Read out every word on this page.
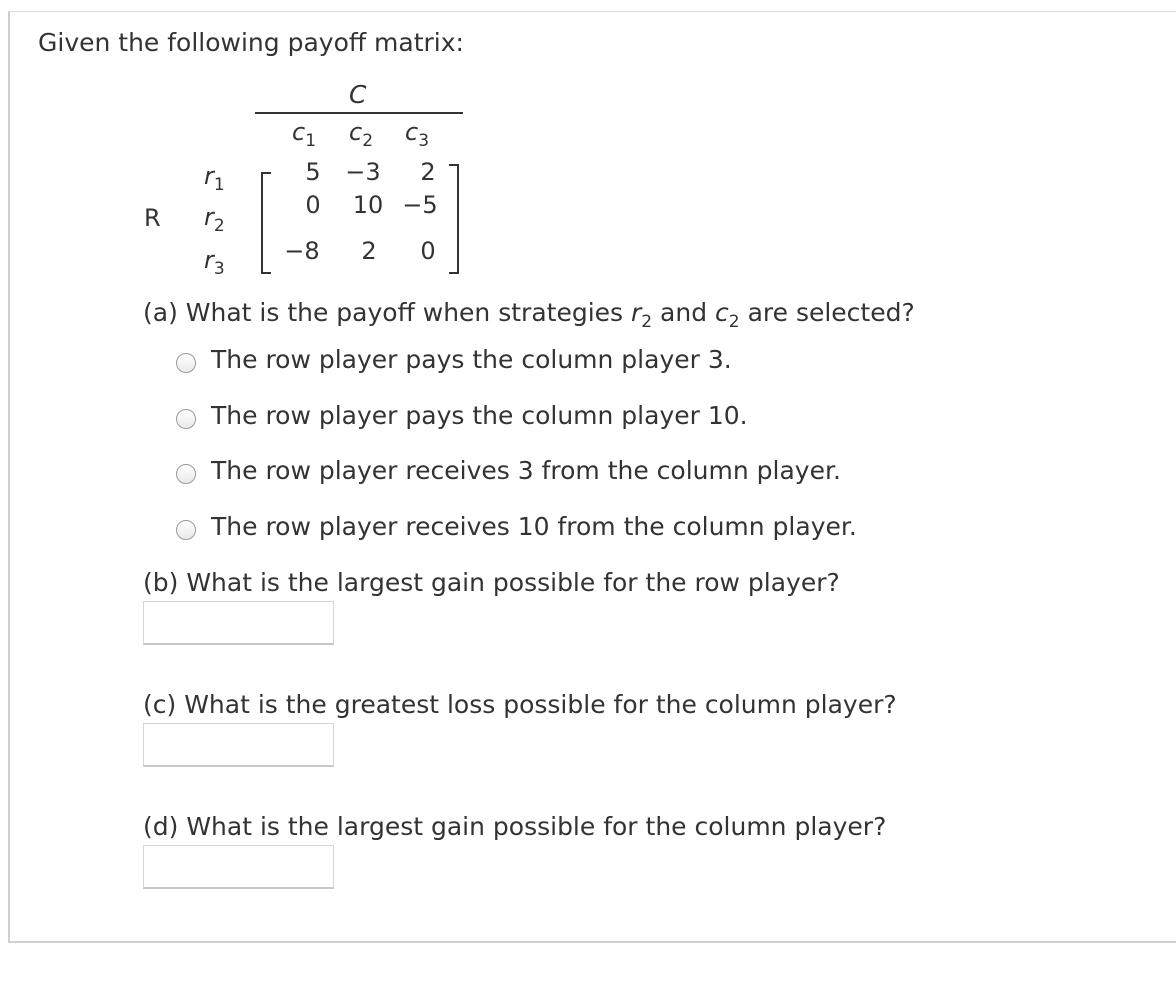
Given the following payoff matrix:
C
$c_1$ $c_2$ $c_3$
R
$r_1$
$r_2$
$r_3$
5	−3	2
0	10 −5
−8	2	0
(a) What is the payoff when strategies $r_2$ and $c_2$ are selected?
The row player pays the column player 3.
The row player pays the column player 10.
The row player receives 3 from the column player.
The row player receives 10 from the column player.
(b) What is the largest gain possible for the row player?
(c) What is the greatest loss possible for the column player?
(d) What is the largest gain possible for the column player?
